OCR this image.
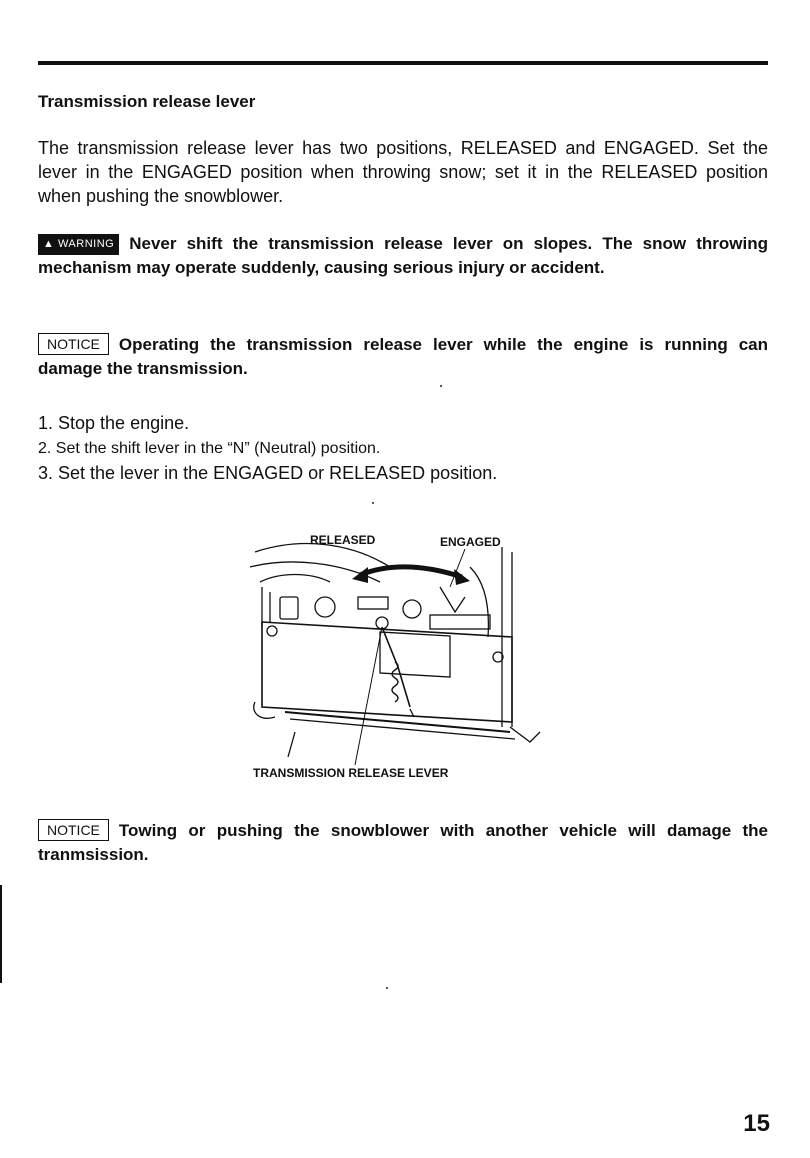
Transmission release lever
The transmission release lever has two positions, RELEASED and ENGAGED. Set the lever in the ENGAGED position when throwing snow; set it in the RELEASED position when pushing the snowblower.
▲ WARNING Never shift the transmission release lever on slopes. The snow throwing mechanism may operate suddenly, causing serious injury or accident.
NOTICE Operating the transmission release lever while the engine is running can damage the transmission.
1. Stop the engine.
2. Set the shift lever in the “N” (Neutral) position.
3. Set the lever in the ENGAGED or RELEASED position.
RELEASED	ENGAGED
TRANSMISSION RELEASE LEVER
NOTICE Towing or pushing the snowblower with another vehicle will damage the tranmsission.
15
